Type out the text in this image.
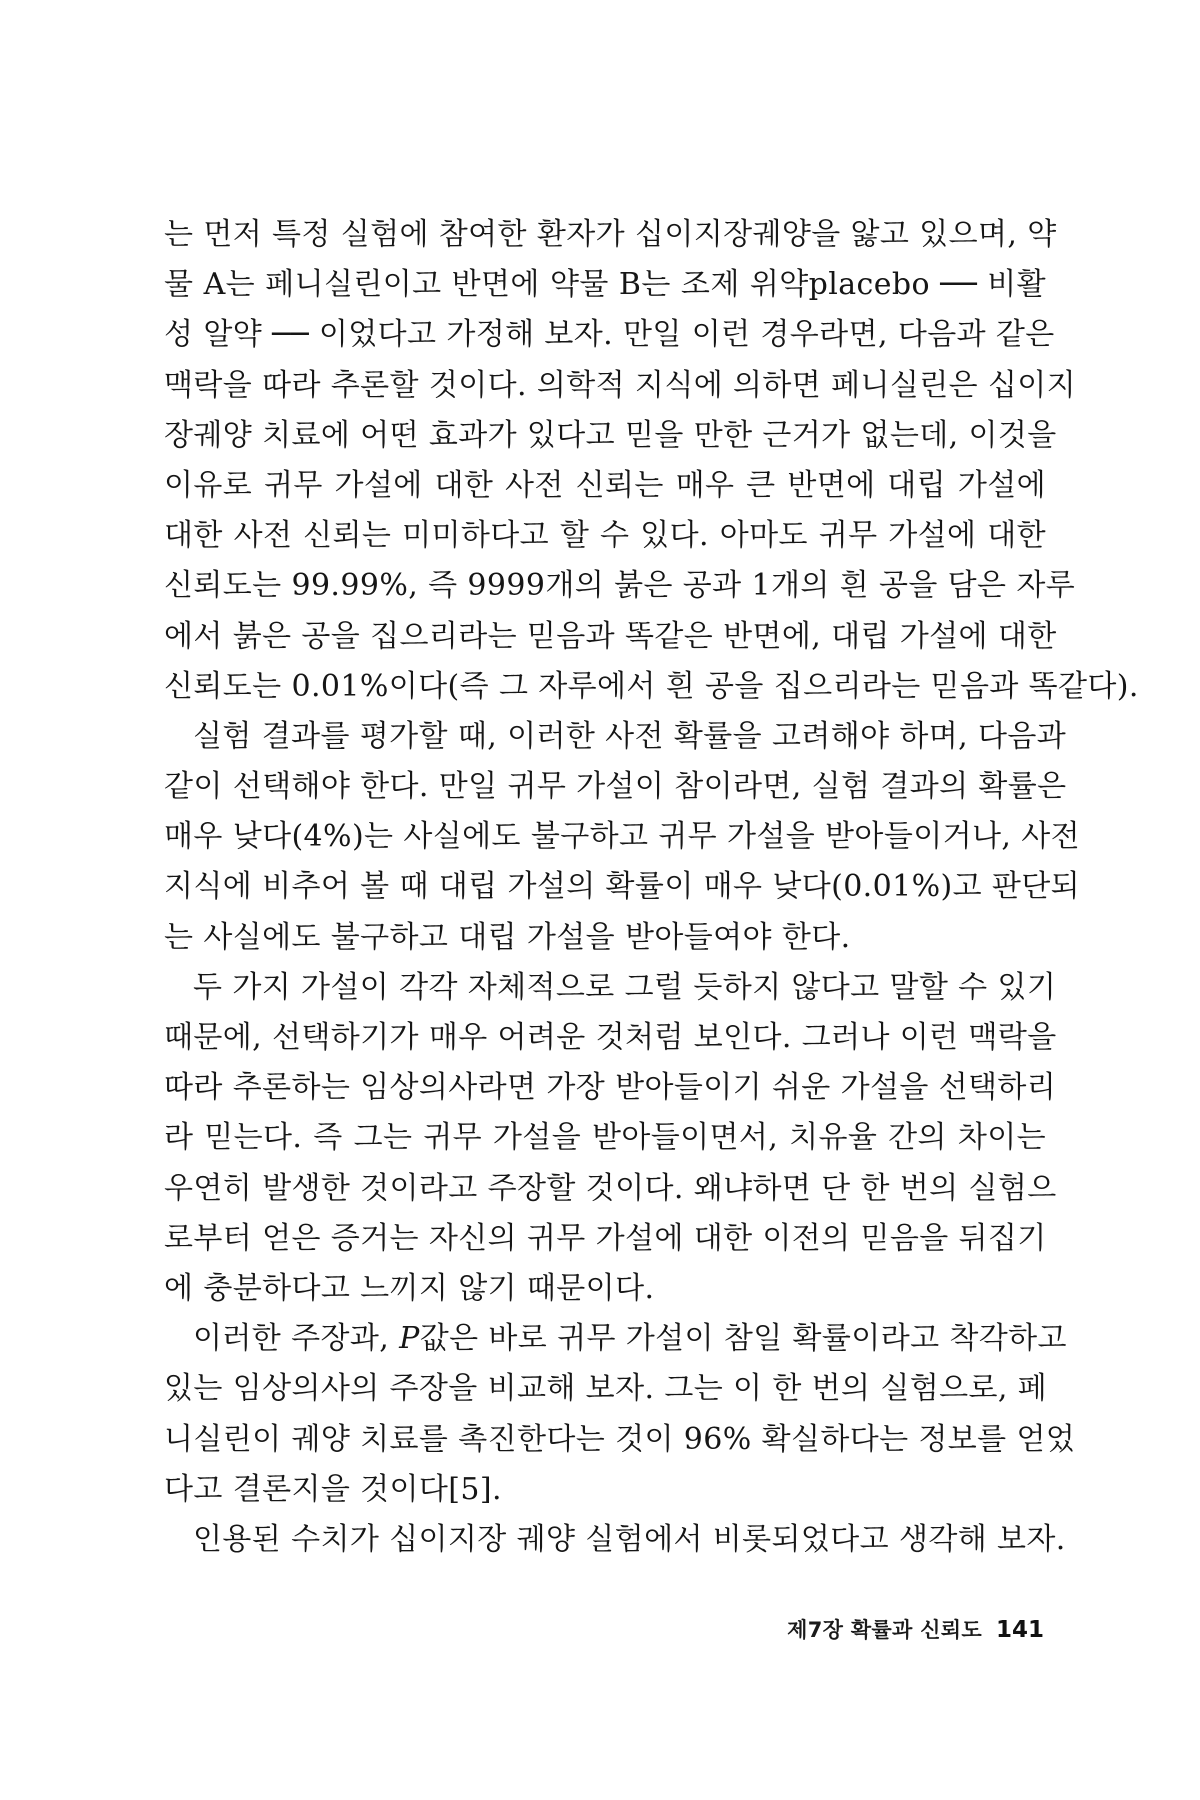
는 먼저 특정 실험에 참여한 환자가 십이지장궤양을 앓고 있으며, 약
물 A는 페니실린이고 반면에 약물 B는 조제 위약placebo ── 비활
성 알약 ── 이었다고 가정해 보자. 만일 이런 경우라면, 다음과 같은
맥락을 따라 추론할 것이다. 의학적 지식에 의하면 페니실린은 십이지
장궤양 치료에 어떤 효과가 있다고 믿을 만한 근거가 없는데, 이것을
이유로 귀무 가설에 대한 사전 신뢰는 매우 큰 반면에 대립 가설에
대한 사전 신뢰는 미미하다고 할 수 있다. 아마도 귀무 가설에 대한
신뢰도는 99.99%, 즉 9999개의 붉은 공과 1개의 흰 공을 담은 자루
에서 붉은 공을 집으리라는 믿음과 똑같은 반면에, 대립 가설에 대한
신뢰도는 0.01%이다(즉 그 자루에서 흰 공을 집으리라는 믿음과 똑같다).
실험 결과를 평가할 때, 이러한 사전 확률을 고려해야 하며, 다음과
같이 선택해야 한다. 만일 귀무 가설이 참이라면, 실험 결과의 확률은
매우 낮다(4%)는 사실에도 불구하고 귀무 가설을 받아들이거나, 사전
지식에 비추어 볼 때 대립 가설의 확률이 매우 낮다(0.01%)고 판단되
는 사실에도 불구하고 대립 가설을 받아들여야 한다.
두 가지 가설이 각각 자체적으로 그럴 듯하지 않다고 말할 수 있기
때문에, 선택하기가 매우 어려운 것처럼 보인다. 그러나 이런 맥락을
따라 추론하는 임상의사라면 가장 받아들이기 쉬운 가설을 선택하리
라 믿는다. 즉 그는 귀무 가설을 받아들이면서, 치유율 간의 차이는
우연히 발생한 것이라고 주장할 것이다. 왜냐하면 단 한 번의 실험으
로부터 얻은 증거는 자신의 귀무 가설에 대한 이전의 믿음을 뒤집기
에 충분하다고 느끼지 않기 때문이다.
이러한 주장과, P값은 바로 귀무 가설이 참일 확률이라고 착각하고
있는 임상의사의 주장을 비교해 보자. 그는 이 한 번의 실험으로, 페
니실린이 궤양 치료를 촉진한다는 것이 96% 확실하다는 정보를 얻었
다고 결론지을 것이다[5].
인용된 수치가 십이지장 궤양 실험에서 비롯되었다고 생각해 보자.
제7장 확률과 신뢰도 141
